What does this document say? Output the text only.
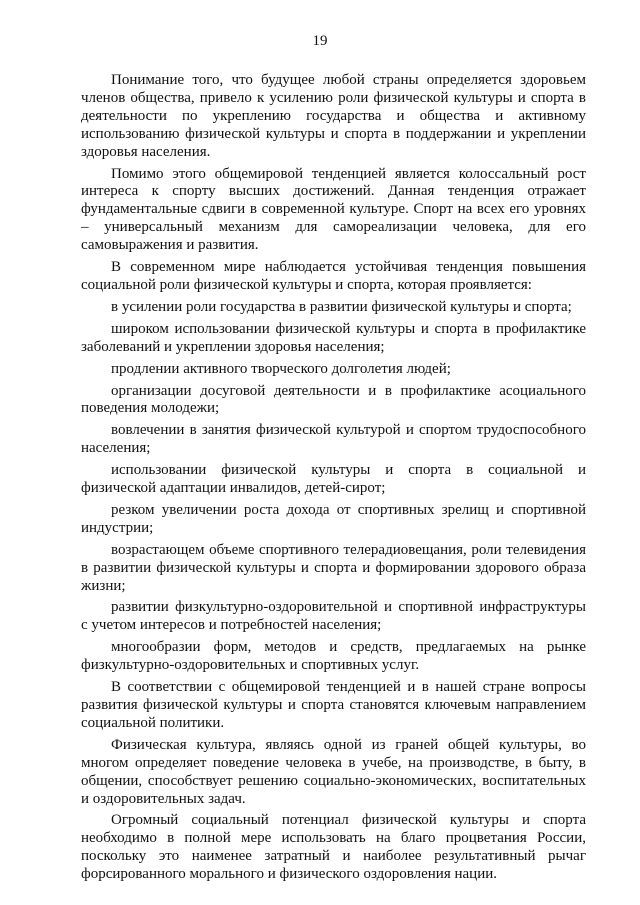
19

Понимание того, что будущее любой страны определяется здоровьем членов общества, привело к усилению роли физической культуры и спорта в деятельности по укреплению государства и общества и активному использованию физической культуры и спорта в поддержании и укреплении здоровья населения.

Помимо этого общемировой тенденцией является колоссальный рост интереса к спорту высших достижений. Данная тенденция отражает фундаментальные сдвиги в современной культуре. Спорт на всех его уровнях – универсальный механизм для самореализации человека, для его самовыражения и развития.

В современном мире наблюдается устойчивая тенденция повышения социальной роли физической культуры и спорта, которая проявляется:

в усилении роли государства в развитии физической культуры и спорта;

широком использовании физической культуры и спорта в профилактике заболеваний и укреплении здоровья населения;

продлении активного творческого долголетия людей;

организации досуговой деятельности и в профилактике асоциального поведения молодежи;

вовлечении в занятия физической культурой и спортом трудоспособного населения;

использовании физической культуры и спорта в социальной и физической адаптации инвалидов, детей-сирот;

резком увеличении роста дохода от спортивных зрелищ и спортивной индустрии;

возрастающем объеме спортивного телерадиовещания, роли телевидения в развитии физической культуры и спорта и формировании здорового образа жизни;

развитии физкультурно-оздоровительной и спортивной инфраструктуры с учетом интересов и потребностей населения;

многообразии форм, методов и средств, предлагаемых на рынке физкультурно-оздоровительных и спортивных услуг.

В соответствии с общемировой тенденцией и в нашей стране вопросы развития физической культуры и спорта становятся ключевым направлением социальной политики.

Физическая культура, являясь одной из граней общей культуры, во многом определяет поведение человека в учебе, на производстве, в быту, в общении, способствует решению социально-экономических, воспитательных и оздоровительных задач.

Огромный социальный потенциал физической культуры и спорта необходимо в полной мере использовать на благо процветания России, поскольку это наименее затратный и наиболее результативный рычаг форсированного морального и физического оздоровления нации.
